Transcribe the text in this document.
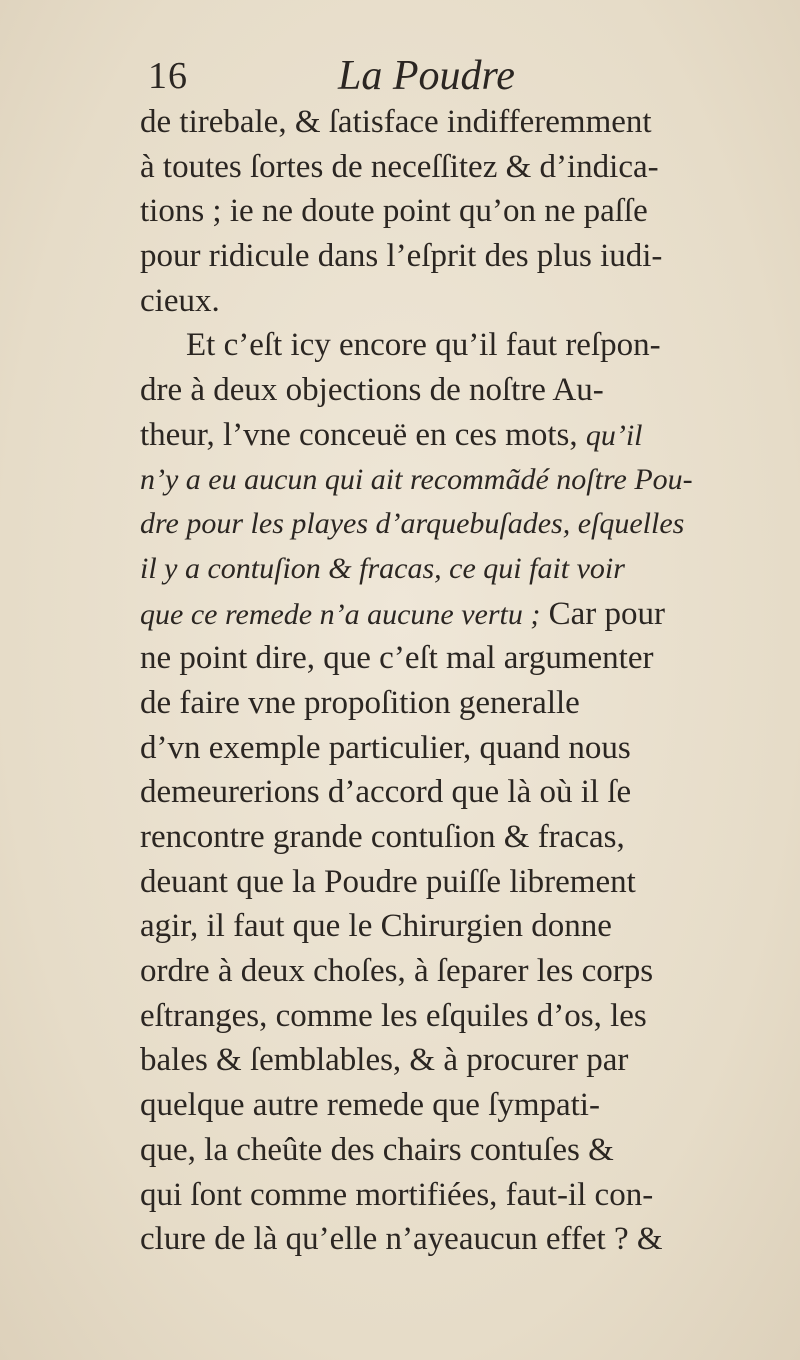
16	La Poudre
de tirebale, & ſatisface indifferemment
à toutes ſortes de neceſſitez & d’indica-
tions ; ie ne doute point qu’on ne paſſe
pour ridicule dans l’eſprit des plus iudi-
cieux.
Et c’eſt icy encore qu’il faut reſpon-
dre à deux objections de noſtre Au-
theur, l’vne conceuë en ces mots, qu’il
n’y a eu aucun qui ait recommãdé noſtre Pou-
dre pour les playes d’arquebuſades, eſquelles
il y a contuſion & fracas, ce qui fait voir
que ce remede n’a aucune vertu ; Car pour
ne point dire, que c’eſt mal argumenter
de faire vne propoſition generalle
d’vn exemple particulier, quand nous
demeurerions d’accord que là où il ſe
rencontre grande contuſion & fracas,
deuant que la Poudre puiſſe librement
agir, il faut que le Chirurgien donne
ordre à deux choſes, à ſeparer les corps
eſtranges, comme les eſquiles d’os, les
bales & ſemblables, & à procurer par
quelque autre remede que ſympati-
que, la cheûte des chairs contuſes &
qui ſont comme mortifiées, faut-il con-
clure de là qu’elle n’ayeaucun effet ? &
